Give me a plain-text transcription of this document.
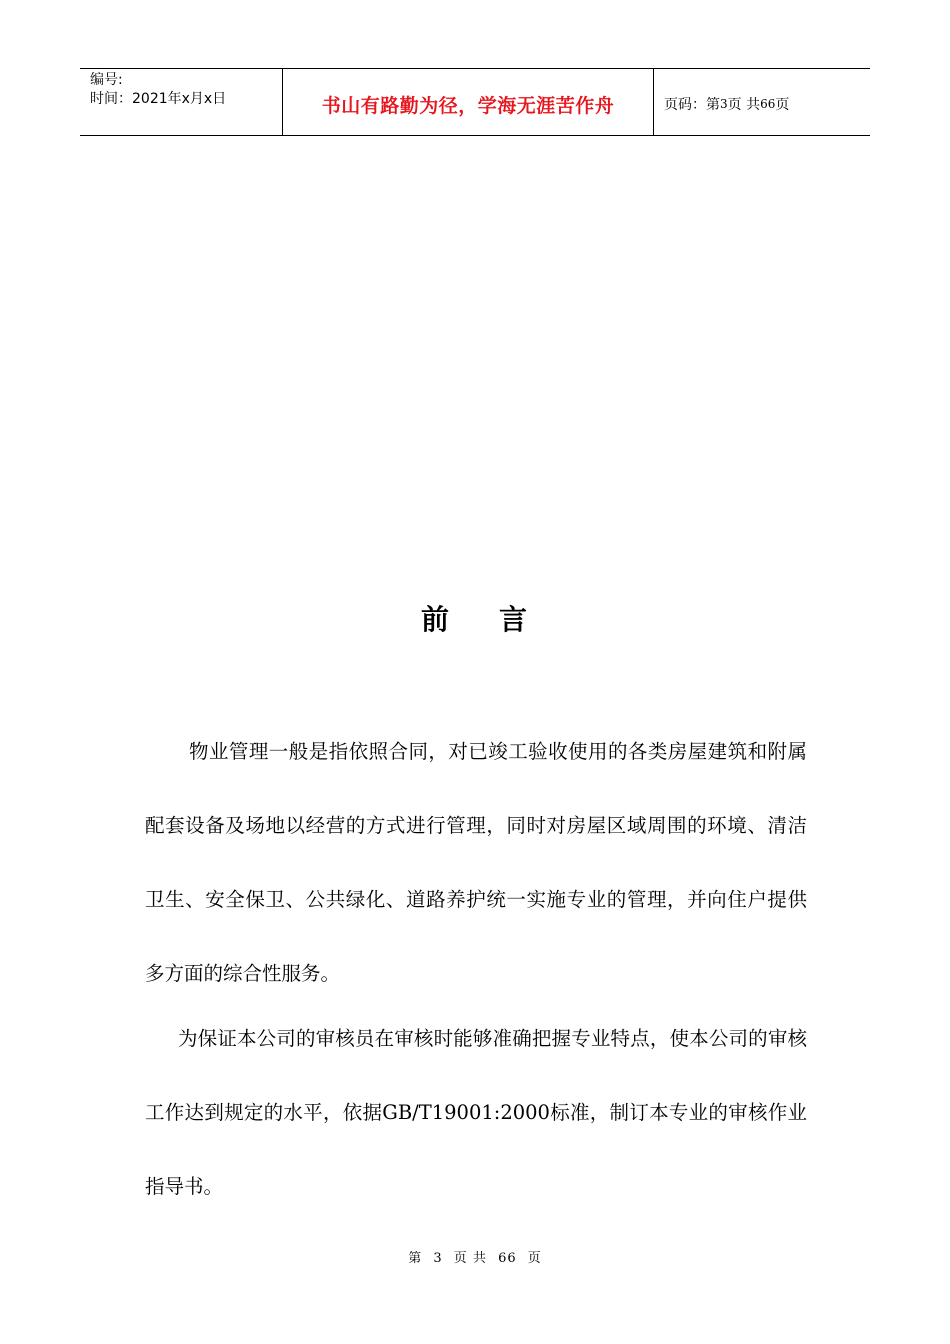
编号:
时间：2021年x月x日	书山有路勤为径，学海无涯苦作舟	页码：第 3 页 共 66 页
前 言

物业管理一般是指依照合同，对已竣工验收使用的各类房屋建筑和附属配套设备及场地以经营的方式进行管理，同时对房屋区域周围的环境、清洁卫生、安全保卫、公共绿化、道路养护统一实施专业的管理，并向住户提供多方面的综合性服务。

为保证本公司的审核员在审核时能够准确把握专业特点，使本公司的审核工作达到规定的水平，依据GB/T19001:2000标准，制订本专业的审核作业指导书。

第 3 页 共 66 页
